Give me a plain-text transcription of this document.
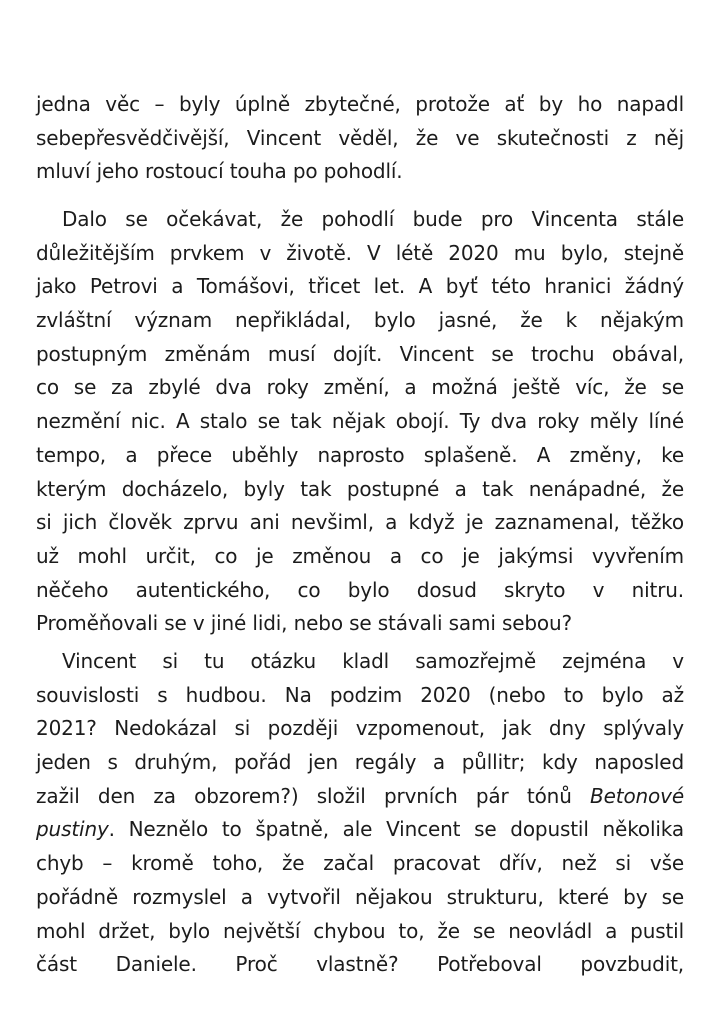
jedna věc – byly úplně zbytečné, protože ať by ho napadl
sebepřesvědčivější, Vincent věděl, že ve skutečnosti z něj
mluví jeho rostoucí touha po pohodlí.
Dalo se očekávat, že pohodlí bude pro Vincenta stále
důležitějším prvkem v životě. V létě 2020 mu bylo, stejně
jako Petrovi a Tomášovi, třicet let. A byť této hranici žádný
zvláštní význam nepřikládal, bylo jasné, že k nějakým
postupným změnám musí dojít. Vincent se trochu obával,
co se za zbylé dva roky změní, a možná ještě víc, že se
nezmění nic. A stalo se tak nějak obojí. Ty dva roky měly líné
tempo, a přece uběhly naprosto splašeně. A změny, ke
kterým docházelo, byly tak postupné a tak nenápadné, že
si jich člověk zprvu ani nevšiml, a když je zaznamenal, těžko
už mohl určit, co je změnou a co je jakýmsi vyvřením
něčeho autentického, co bylo dosud skryto v nitru.
Proměňovali se v jiné lidi, nebo se stávali sami sebou?
Vincent si tu otázku kladl samozřejmě zejména v
souvislosti s hudbou. Na podzim 2020 (nebo to bylo až
2021? Nedokázal si později vzpomenout, jak dny splývaly
jeden s druhým, pořád jen regály a půllitr; kdy naposled
zažil den za obzorem?) složil prvních pár tónů Betonové
pustiny. Neznělo to špatně, ale Vincent se dopustil několika
chyb – kromě toho, že začal pracovat dřív, než si vše
pořádně rozmyslel a vytvořil nějakou strukturu, které by se
mohl držet, bylo největší chybou to, že se neovládl a pustil
část Daniele. Proč vlastně? Potřeboval povzbudit,
